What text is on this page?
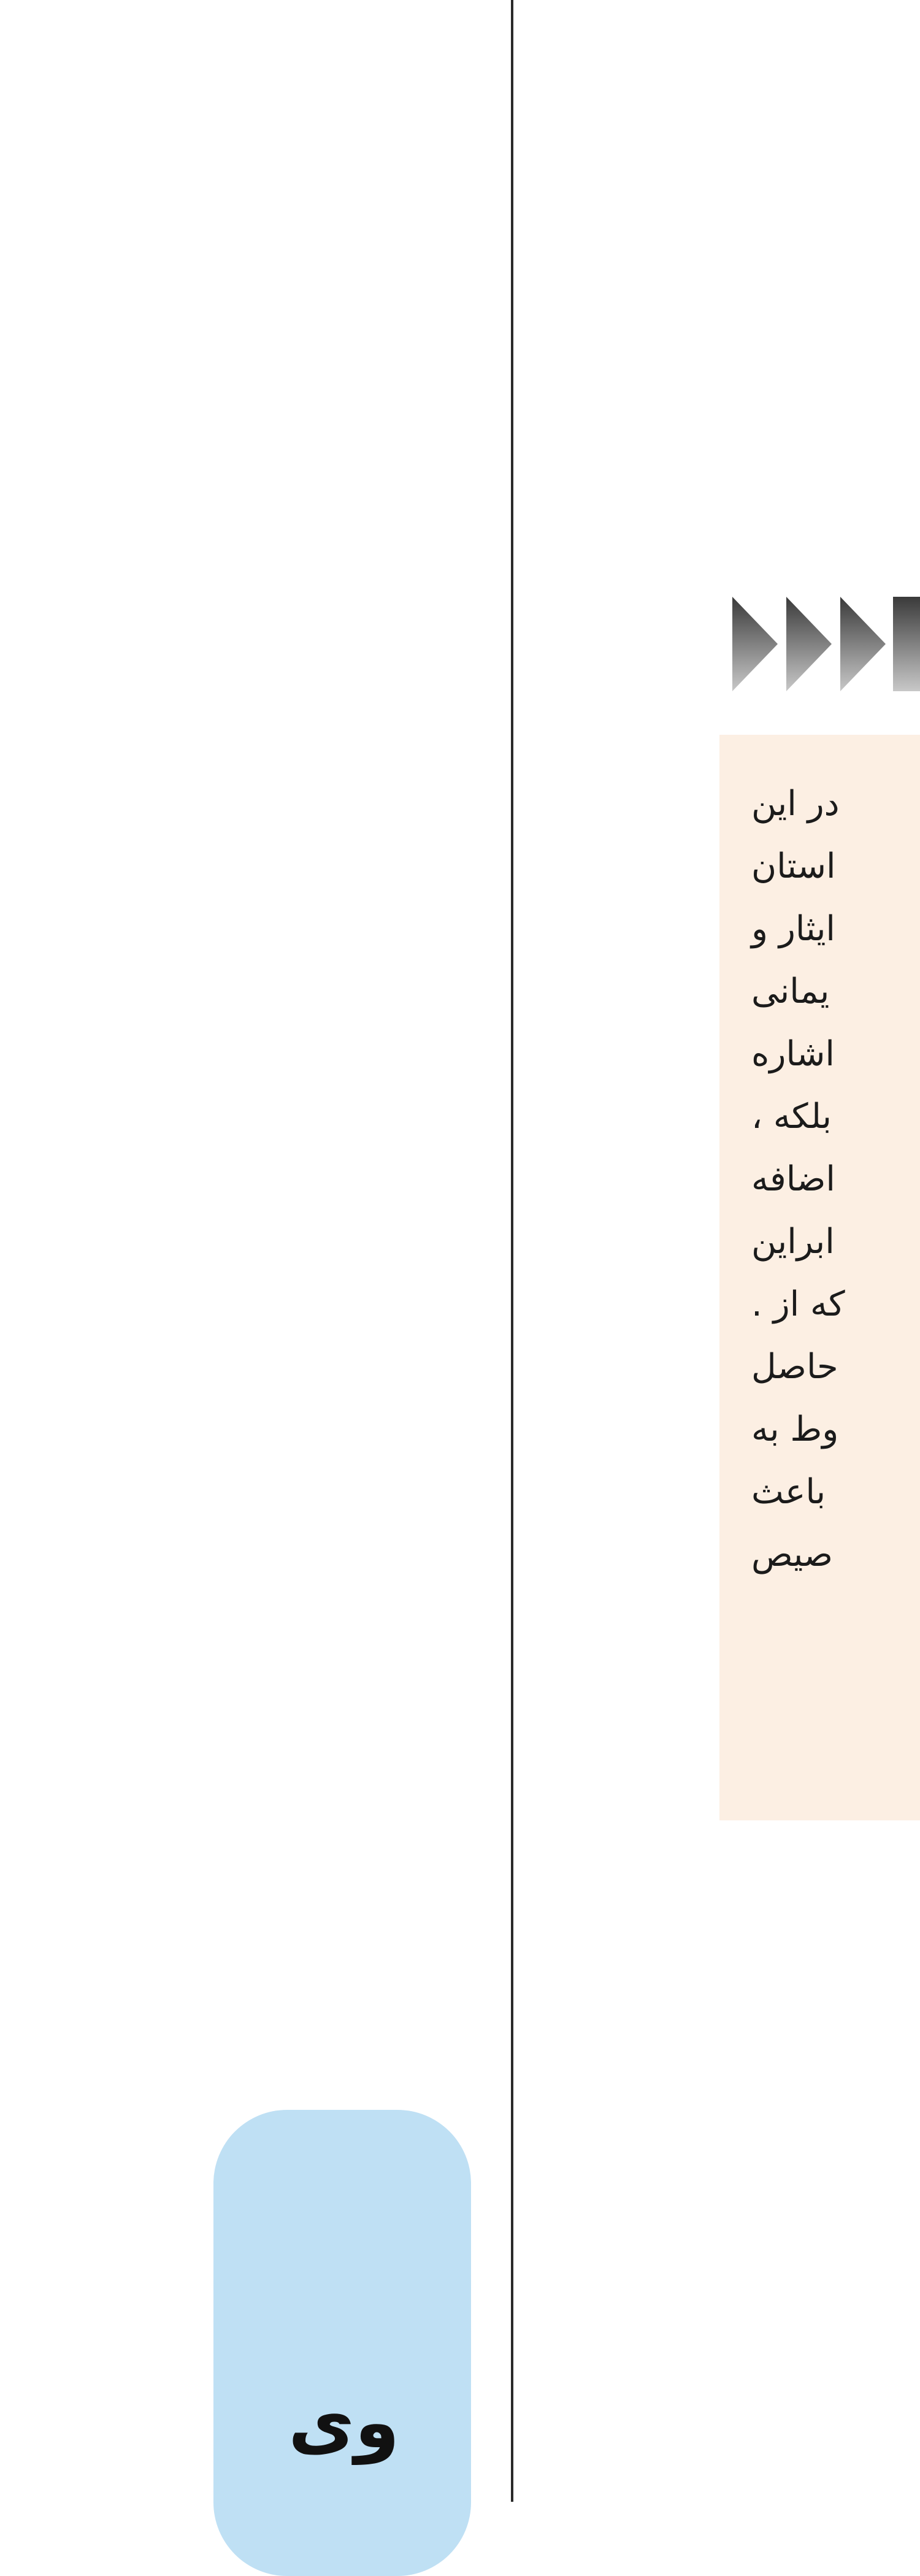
در این
استان
ایثار و
یمانی
اشاره
، بلکه
اضافه
ابراین
. که از
حاصل
وط به
باعث
صیص
وی
